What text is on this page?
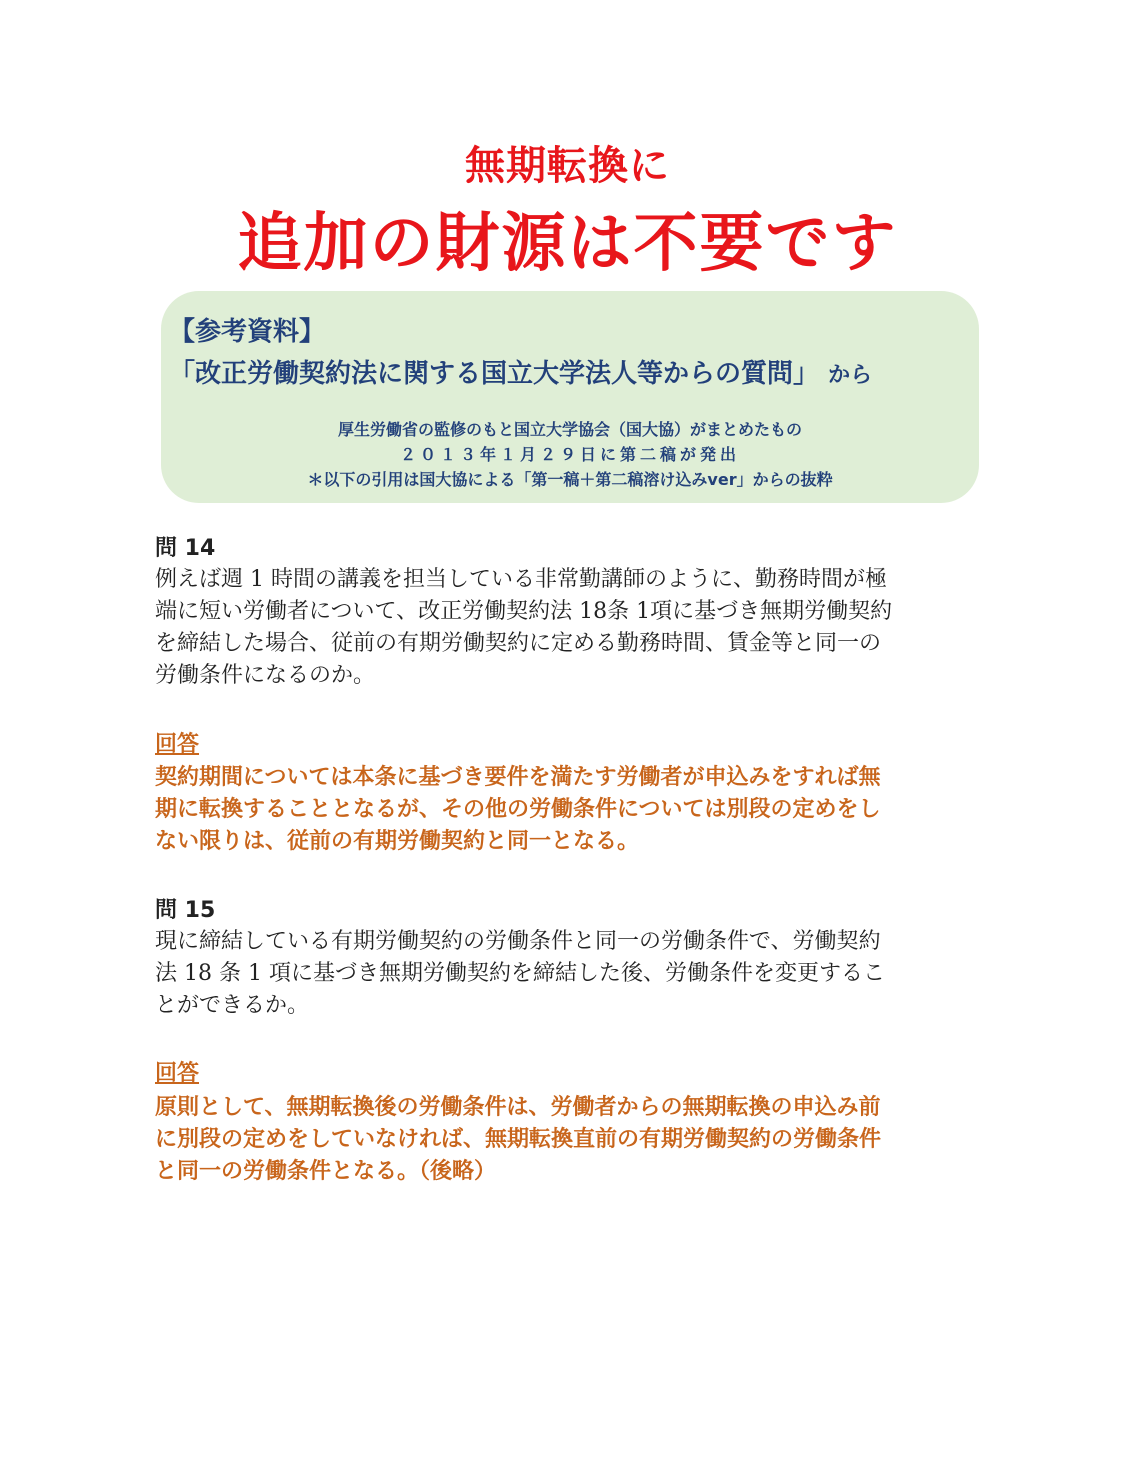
無期転換に
追加の財源は不要です
【参考資料】
「改正労働契約法に関する国立大学法人等からの質問」 から
厚生労働省の監修のもと国立大学協会（国大協）がまとめたもの
２０１３年１月２９日に第二稿が発出
＊以下の引用は国大協による「第一稿＋第二稿溶け込みver」からの抜粋
問 14
例えば週 1 時間の講義を担当している非常勤講師のように、勤務時間が極
端に短い労働者について、改正労働契約法 18条 1項に基づき無期労働契約
を締結した場合、従前の有期労働契約に定める勤務時間、賃金等と同一の
労働条件になるのか。
回答
契約期間については本条に基づき要件を満たす労働者が申込みをすれば無
期に転換することとなるが、その他の労働条件については別段の定めをし
ない限りは、従前の有期労働契約と同一となる。
問 15
現に締結している有期労働契約の労働条件と同一の労働条件で、労働契約
法 18 条 1 項に基づき無期労働契約を締結した後、労働条件を変更するこ
とができるか。
回答
原則として、無期転換後の労働条件は、労働者からの無期転換の申込み前
に別段の定めをしていなければ、無期転換直前の有期労働契約の労働条件
と同一の労働条件となる。（後略）
